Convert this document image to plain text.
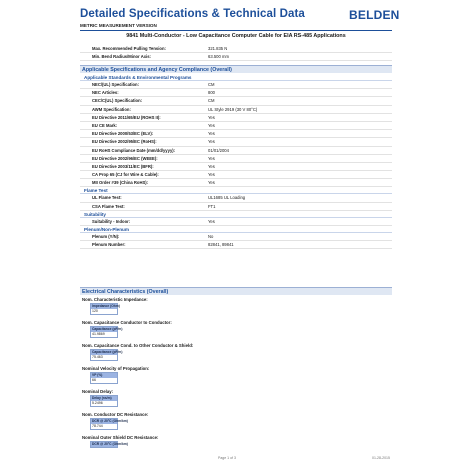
Detailed Specifications & Technical Data
METRIC MEASUREMENT VERSION
BELDEN
9841 Multi-Conductor - Low Capacitance Computer Cable for EIA RS-485 Applications
Max. Recommended Pulling Tension:	321.835 N
Min. Bend Radius/Minor Axis:	63.500 mm
Applicable Specifications and Agency Compliance (Overall)
Applicable Standards & Environmental Programs
NEC/(UL) Specification:	CM
NEC Articles:	800
CEC/C(UL) Specification:	CM
AWM Specification:	UL Style 2919 (30 V 80°C)
EU Directive 2011/65/EU (ROHS II):	Yes
EU CE Mark:	Yes
EU Directive 2000/53/EC (ELV):	Yes
EU Directive 2002/95/EC (RoHS):	Yes
EU RoHS Compliance Date (mm/dd/yyyy):	01/01/2004
EU Directive 2002/96/EC (WEEE):	Yes
EU Directive 2003/11/EC (BFR):	Yes
CA Prop 65 (CJ for Wire & Cable):	Yes
MII Order #39 (China RoHS):	Yes
Flame Test
UL Flame Test:	UL1685 UL Loading
CSA Flame Test:	FT1
Suitability
Suitability - Indoor:	Yes
Plenum/Non-Plenum
Plenum (Y/N):	No
Plenum Number:	82841, 89841
Electrical Characteristics (Overall)
Nom. Characteristic Impedance:
Impedance (Ohm)
120
Nom. Capacitance Conductor to Conductor:
Capacitance (pF/m)
41.9869
Nom. Capacitance Cond. to Other Conductor & Shield:
Capacitance (pF/m)
75.463
Nominal Velocity of Propagation:
VP (%)
66
Nominal Delay:
Delay (ns/m)
5.2496
Nom. Conductor DC Resistance:
DCR @ 20°C (Ohm/km)
78.744
Nominal Outer Shield DC Resistance:
DCR @ 20°C (Ohm/km)
Page 1 of 3	01-28-2015
